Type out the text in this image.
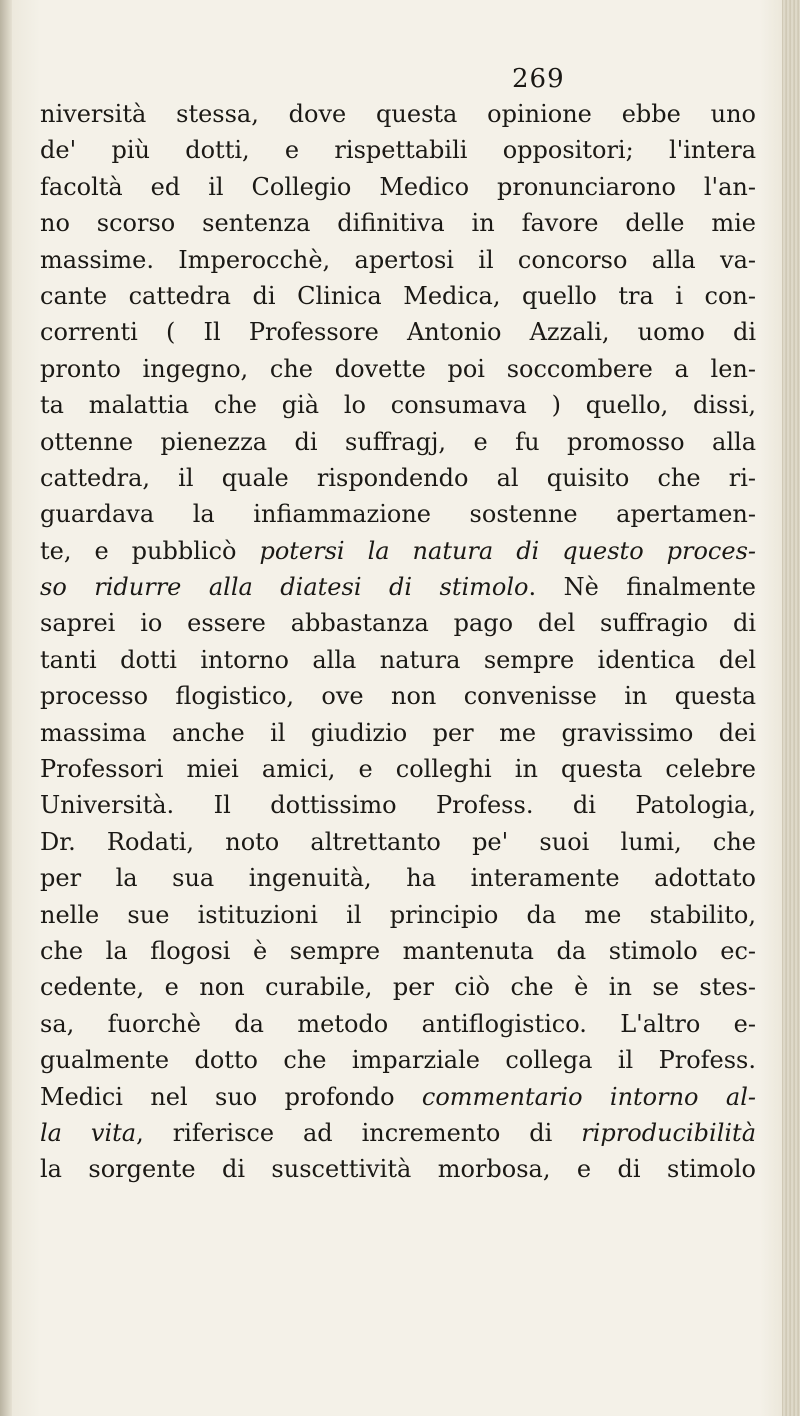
269
niversità stessa, dove questa opinione ebbe uno
de' più dotti, e rispettabili oppositori; l'intera
facoltà ed il Collegio Medico pronunciarono l'an-
no scorso sentenza difinitiva in favore delle mie
massime. Imperocchè, apertosi il concorso alla va-
cante cattedra di Clinica Medica, quello tra i con-
correnti ( Il Professore Antonio Azzali, uomo di
pronto ingegno, che dovette poi soccombere a len-
ta malattia che già lo consumava ) quello, dissi,
ottenne pienezza di suffragj, e fu promosso alla
cattedra, il quale rispondendo al quisito che ri-
guardava la infiammazione sostenne apertamen-
te, e pubblicò potersi la natura di questo proces-
so ridurre alla diatesi di stimolo. Nè finalmente
saprei io essere abbastanza pago del suffragio di
tanti dotti intorno alla natura sempre identica del
processo flogistico, ove non convenisse in questa
massima anche il giudizio per me gravissimo dei
Professori miei amici, e colleghi in questa celebre
Università. Il dottissimo Profess. di Patologia,
Dr. Rodati, noto altrettanto pe' suoi lumi, che
per la sua ingenuità, ha interamente adottato
nelle sue istituzioni il principio da me stabilito,
che la flogosi è sempre mantenuta da stimolo ec-
cedente, e non curabile, per ciò che è in se stes-
sa, fuorchè da metodo antiflogistico. L'altro e-
gualmente dotto che imparziale collega il Profess.
Medici nel suo profondo commentario intorno al-
la vita, riferisce ad incremento di riproducibilità
la sorgente di suscettività morbosa, e di stimolo
